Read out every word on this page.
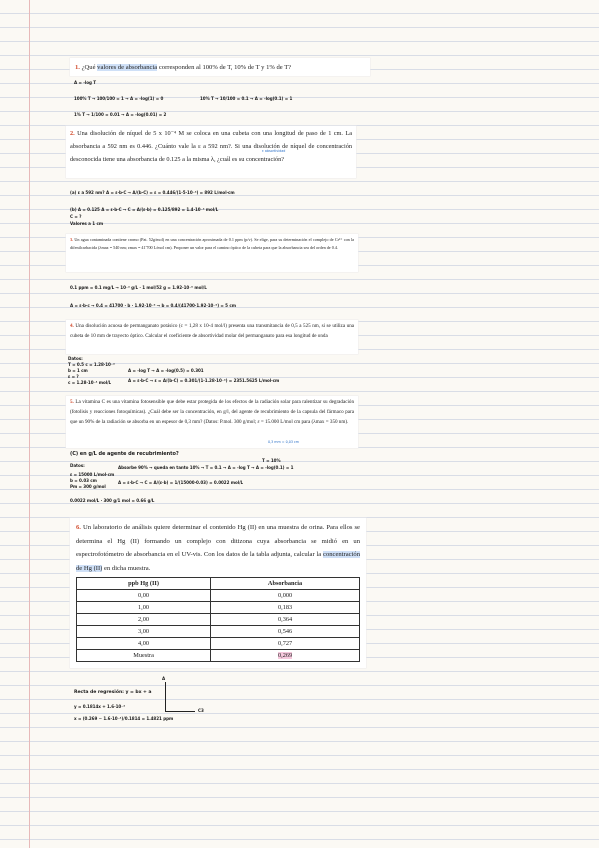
1. ¿Qué valores de absorbancia corresponden al 100% de T, 10% de T y 1% de T?

A = -log T
100% T → 100/100 = 1 → A = -log(1) = 0	10% T → 10/100 = 0.1 → A = -log(0.1) = 1
1% T → 1/100 = 0.01 → A = -log(0.01) = 2

2. Una disolución de níquel de 5 x 10⁻⁴ M se coloca en una cubeta con una longitud de paso de 1 cm. La absorbancia a 592 nm es 0.446. ¿Cuánto vale la ε a 592 nm?. Si una disolución de níquel de concentración desconocida tiene una absorbancia de 0.125 a la misma λ, ¿cuál es su concentración?

ε absortividad
(a) ε a 592 nm? A = ε·b·C → A/(b·C) = ε = 0.446/(1·5·10⁻⁴) = 892 L/mol·cm
(b) A = 0.125 A = ε·b·C → C = A/(ε·b) = 0.125/892 = 1.4·10⁻⁴ mol/L
C = ?
Valores a 1 cm

3. Un agua contaminada contiene cromo (Pat. 52g/mol) en una concentración aproximada de 0.1 ppm (p/v). Se elige, para su determinación el complejo de Cr³⁺ con la difenilcarbacida (λmax = 540 nm; εmax = 41'700 L/mol cm). Proponer un valor para el camino óptico de la cubeta para que la absorbancia sea del orden de 0.4.

0.1 ppm = 0.1 mg/L → 10⁻⁴ g/L · 1 mol/52 g = 1.92·10⁻⁶ mol/L
A = ε·b·c → 0.4 = 41700 · b · 1.92·10⁻⁶ → b = 0.4/(41700·1.92·10⁻⁶) = 5 cm

4. Una disolución acuosa de permanganato potásico (c = 1,28 x 10-4 mol/l) presenta una transmitancia de 0,5 a 525 nm, si se utiliza una cubeta de 10 mm de trayecto óptico. Calcular el coeficiente de absortividad molar del permanganato para esa longitud de onda

Datos:
T = 0.5 c = 1.28·10⁻⁴
b = 1 cm
ε = ?
c = 1.28·10⁻⁴ mol/L
A = -log T → A = -log(0.5) = 0.301
A = ε·b·C → ε = A/(b·C) = 0.301/(1·1.28·10⁻⁴) = 2351.5625 L/mol·cm

5. La vitamina C es una vitamina fotosensible que debe estar protegida de los efectos de la radiación solar para ralentizar su degradación (fotolisis y reacciones fotoquímicas). ¿Cuál debe ser la concentración, en g/l, del agente de recubrimiento de la capsula del fármaco para que un 90% de la radiación se absorba en un espesor de 0,3 mm? (Datos: P.mol. 300 g/mol; ε = 15.000 L/mol cm para (λmax = 350 nm).

0,3 mm = 0,03 cm
(C) en g/L de agente de recubrimiento?
T = 10%
Datos:
ε = 15000 L/mol·cm
b = 0.03 cm
Pm = 300 g/mol
Absorbe 90% → queda en tanto 10% → T = 0.1 → A = -log T → A = -log(0.1) = 1
A = ε·b·C → C = A/(ε·b) = 1/(15000·0.03) = 0.0022 mol/L
0.0022 mol/L · 300 g/1 mol = 0.66 g/L

6. Un laboratorio de análisis quiere determinar el contenido Hg (II) en una muestra de orina. Para ellos se determina el Hg (II) formando un complejo con ditizona cuya absorbancia se midió en un espectrofotómetro de absorbancia en el UV-vis. Con los datos de la tabla adjunta, calcular la concentración de Hg (II) en dicha muestra.

ppb Hg (II)	Absorbancia
0,00	0,000
1,00	0,183
2,00	0,364
3,00	0,546
4,00	0,727
Muestra	0,269
Recta de regresión: y = bx + a
y = 0.1814x + 1.6·10⁻⁴
x = (0.269 − 1.6·10⁻⁴)/0.1814 = 1.4821 ppm
A
C3
